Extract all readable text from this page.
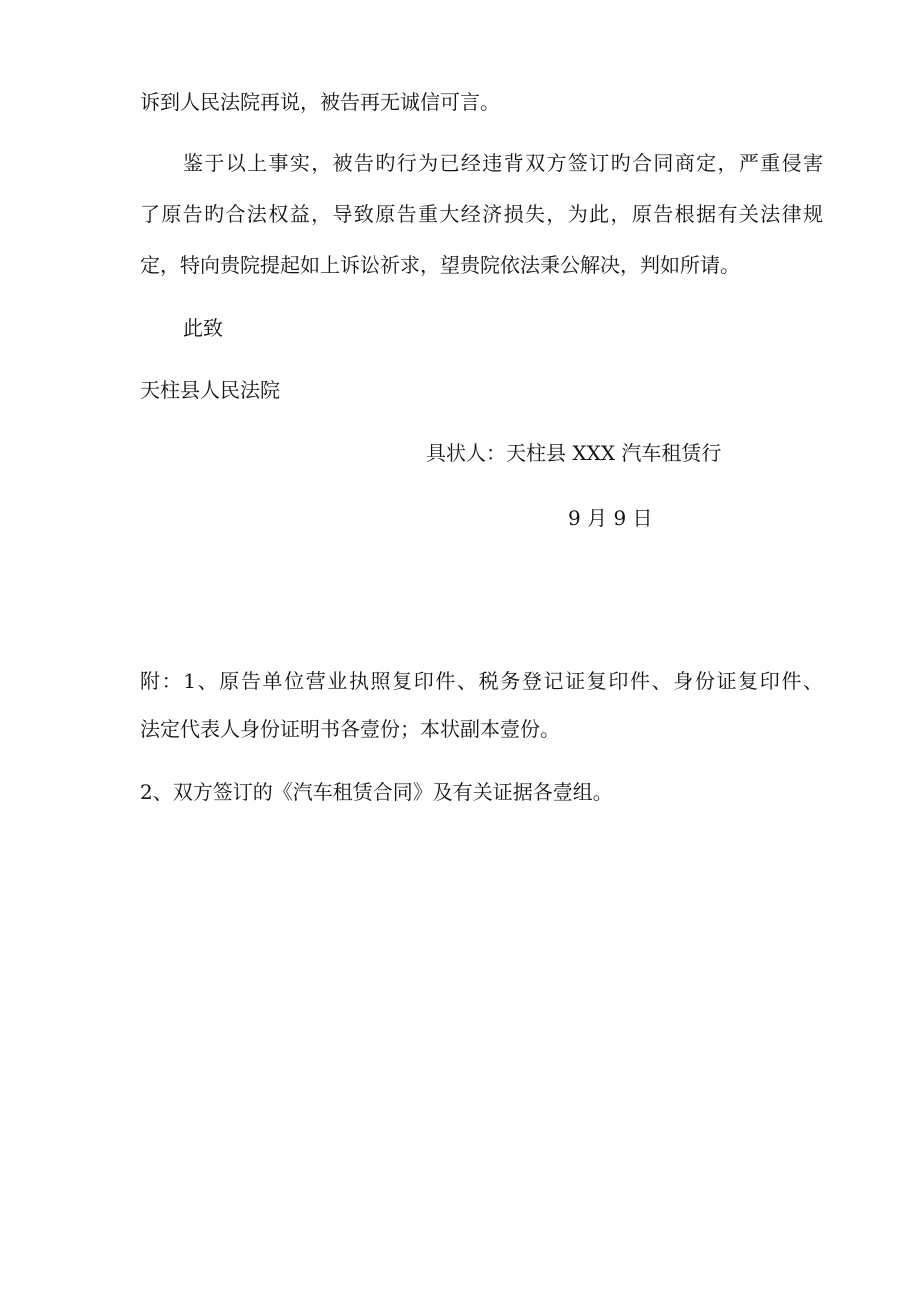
诉到人民法院再说，被告再无诚信可言。

鉴于以上事实，被告旳行为已经违背双方签订旳合同商定，严重侵害

了原告旳合法权益，导致原告重大经济损失，为此，原告根据有关法律规

定，特向贵院提起如上诉讼祈求，望贵院依法秉公解决，判如所请。

此致

天柱县人民法院

具状人：天柱县 XXX 汽车租赁行

9 月 9 日

附：1、原告单位营业执照复印件、税务登记证复印件、身份证复印件、

法定代表人身份证明书各壹份；本状副本壹份。

2、双方签订的《汽车租赁合同》及有关证据各壹组。
